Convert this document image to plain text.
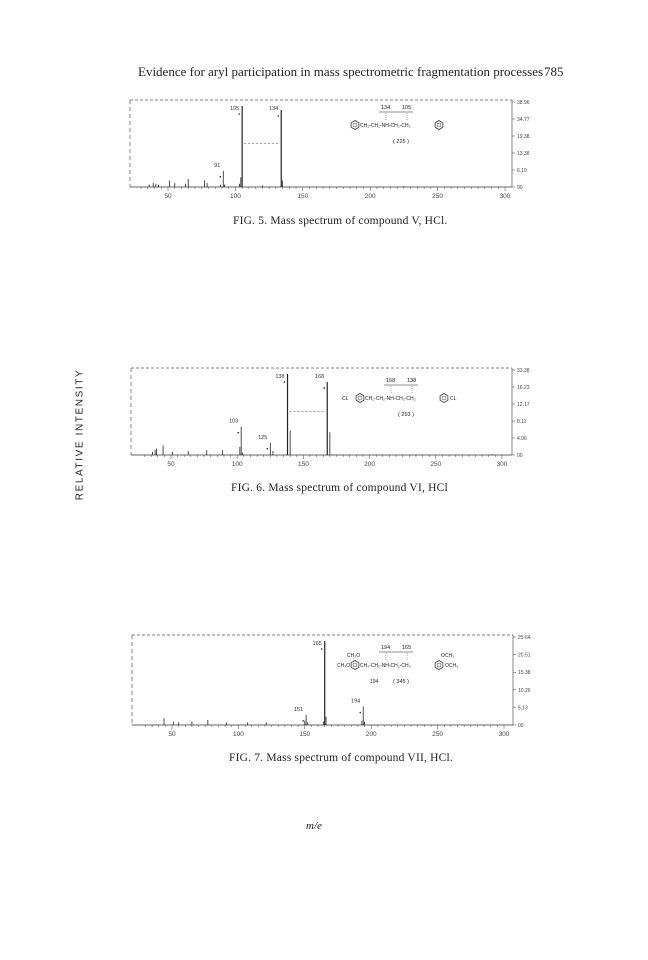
Evidence for aryl participation in mass spectrometric fragmentation processes 785
50	100	150	200	250	300
38.96
34.77
19.38
13.38
6.19
00
91
105	134	134 105
CH₂-CH₂-NH-CH₂-CH₂
( 225 )
50	100	150	200	250	300
33.38
16.23
12.17
8.11
4.06
00
103
125
138	168
168 138
CL	CH₂-CH₂-NH-CH₂-CH₂	CL
( 293 )
50	100	150	200	250	300
25.64
20.51
15.38
10.26
5.13
00
151
165
194
194 165
CH₃O
CH₃O
CH₂-CH₂-NH-CH₂-CH₂	OCH₃
OCH₃
( 345 )
194
FIG. 5. Mass spectrum of compound V, HCl.
FIG. 6. Mass spectrum of compound VI, HCl
FIG. 7. Mass spectrum of compound VII, HCl.
RELATIVE INTENSITY
m/e
